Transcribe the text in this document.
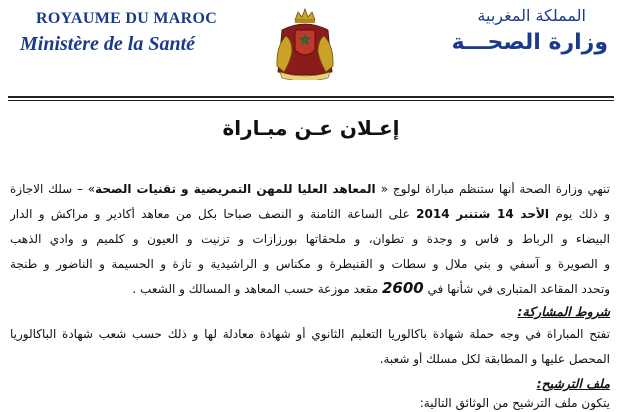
ROYAUME DU MAROC
Ministère de la Santé
المملكة المغربية
وزارة الصحـــة
إعـلان عـن مبـاراة
تنهي وزارة الصحة أنها ستنظم مباراة لولوج « المعاهد العليا للمهن التمريضية و تقنيات الصحة» – سلك الاجازة
و ذلك يوم الأحد 14 شتنبر 2014 على الساعة الثامنة و النصف صباحا بكل من معاهد أكادير و مراكش و الدار
البيضاء و الرباط و فاس و وجدة و تطوان، و ملحقاتها بورزازات و تزنيت و العيون و كلميم و وادي الذهب
و الصويرة و آسفي و بني ملال و سطات و القنيطرة و مكناس و الراشيدية و تازة و الحسيمة و الناضور و طنجة
وتحدد المقاعد المتبارى في شأنها في 2600 مقعد موزعة حسب المعاهد و المسالك و الشعب .
شروط المشاركة:
تفتح المباراة في وجه حملة شهادة باكالوريا التعليم الثانوي أو شهادة معادلة لها و ذلك حسب شعب شهادة الباكالوريا
المحصل عليها و المطابقة لكل مسلك أو شعبة.
ملف الترشيح:
يتكون ملف الترشيح من الوثائق التالية:
